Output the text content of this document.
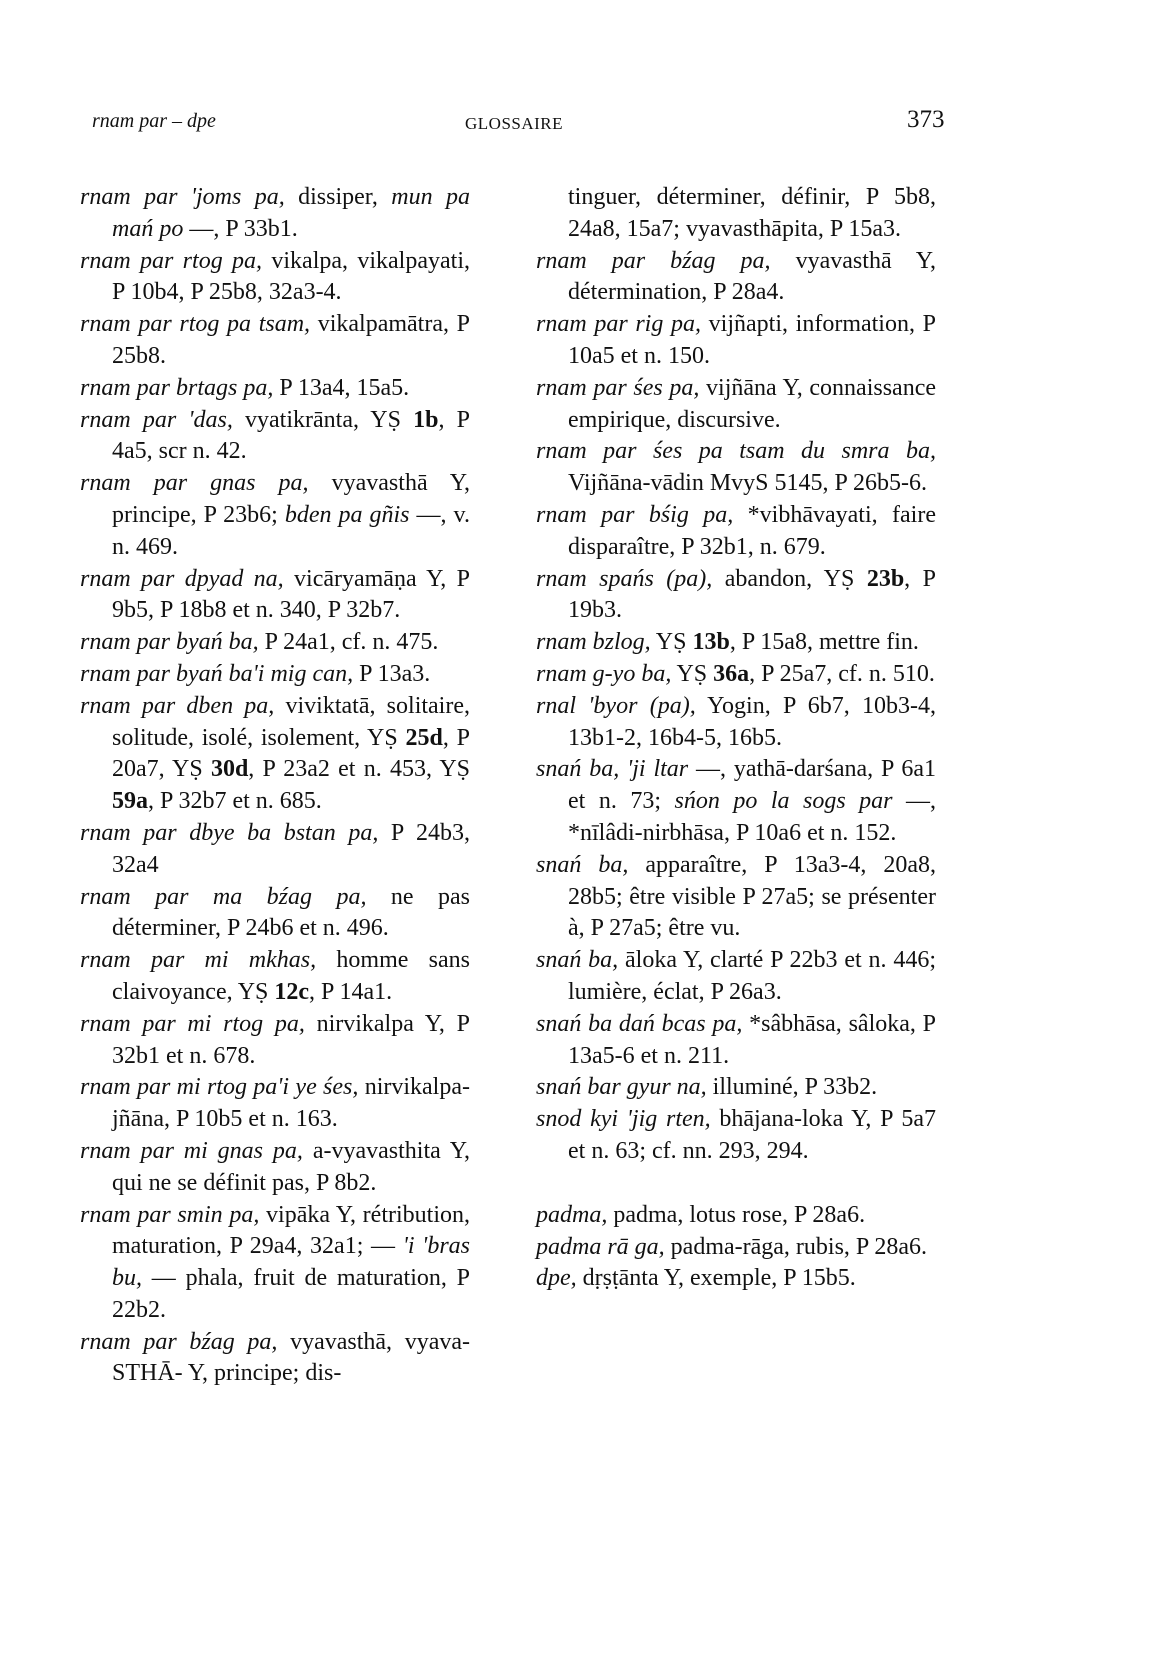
rnam par – dpe	GLOSSAIRE	373

rnam par 'joms pa, dissiper, mun pa mań po —, P 33b1.

rnam par rtog pa, vikalpa, vikalpayati, P 10b4, P 25b8, 32a3-4.

rnam par rtog pa tsam, vikalpamātra, P 25b8.

rnam par brtags pa, P 13a4, 15a5.

rnam par 'das, vyatikrānta, YṢ 1b, P 4a5, scr n. 42.

rnam par gnas pa, vyavasthā Y, principe, P 23b6; bden pa gñis —, v. n. 469.

rnam par dpyad na, vicāryamāṇa Y, P 9b5, P 18b8 et n. 340, P 32b7.

rnam par byań ba, P 24a1, cf. n. 475.

rnam par byań ba'i mig can, P 13a3.

rnam par dben pa, viviktatā, solitaire, solitude, isolé, isolement, YṢ 25d, P 20a7, YṢ 30d, P 23a2 et n. 453, YṢ 59a, P 32b7 et n. 685.

rnam par dbye ba bstan pa, P 24b3, 32a4

rnam par ma bźag pa, ne pas déterminer, P 24b6 et n. 496.

rnam par mi mkhas, homme sans claivoyance, YṢ 12c, P 14a1.

rnam par mi rtog pa, nirvikalpa Y, P 32b1 et n. 678.

rnam par mi rtog pa'i ye śes, nirvikalpa-jñāna, P 10b5 et n. 163.

rnam par mi gnas pa, a-vyavasthita Y, qui ne se définit pas, P 8b2.

rnam par smin pa, vipāka Y, rétribution, maturation, P 29a4, 32a1; — 'i 'bras bu, — phala, fruit de maturation, P 22b2.

rnam par bźag pa, vyavasthā, vyava-STHĀ- Y, principe; dis-

tinguer, déterminer, définir, P 5b8, 24a8, 15a7; vyavasthāpita, P 15a3.

rnam par bźag pa, vyavasthā Y, détermination, P 28a4.

rnam par rig pa, vijñapti, information, P 10a5 et n. 150.

rnam par śes pa, vijñāna Y, connaissance empirique, discursive.

rnam par śes pa tsam du smra ba, Vijñāna-vādin MvyS 5145, P 26b5-6.

rnam par bśig pa, *vibhāvayati, faire disparaître, P 32b1, n. 679.

rnam spańs (pa), abandon, YṢ 23b, P 19b3.

rnam bzlog, YṢ 13b, P 15a8, mettre fin.

rnam g-yo ba, YṢ 36a, P 25a7, cf. n. 510.

rnal 'byor (pa), Yogin, P 6b7, 10b3-4, 13b1-2, 16b4-5, 16b5.

snań ba, 'ji ltar —, yathā-darśana, P 6a1 et n. 73; sńon po la sogs par —, *nīlâdi-nirbhāsa, P 10a6 et n. 152.

snań ba, apparaître, P 13a3-4, 20a8, 28b5; être visible P 27a5; se présenter à, P 27a5; être vu.

snań ba, āloka Y, clarté P 22b3 et n. 446; lumière, éclat, P 26a3.

snań ba dań bcas pa, *sâbhāsa, sâloka, P 13a5-6 et n. 211.

snań bar gyur na, illuminé, P 33b2.

snod kyi 'jig rten, bhājana-loka Y, P 5a7 et n. 63; cf. nn. 293, 294.

padma, padma, lotus rose, P 28a6.

padma rā ga, padma-rāga, rubis, P 28a6.

dpe, dṛṣṭānta Y, exemple, P 15b5.
